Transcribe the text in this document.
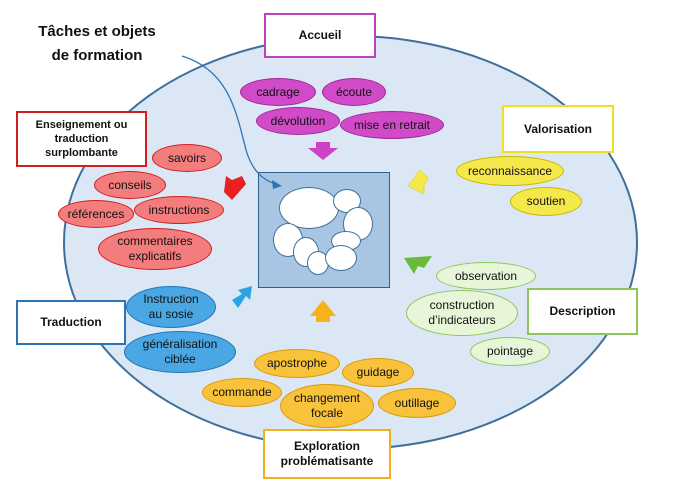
Tâches et objets
de formation
Accueil
Valorisation
Description
Exploration
problématisante
Traduction
Enseignement ou
traduction
surplombante
cadrage	écoute
dévolution mise en retrait
reconnaissance
soutien
observation
construction
d’indicateurs
pointage
apostrophe
guidage
commande changement
focale
outillage
Instruction
au sosie
généralisation
ciblée
savoirs
conseils
références instructions
commentaires
explicatifs
